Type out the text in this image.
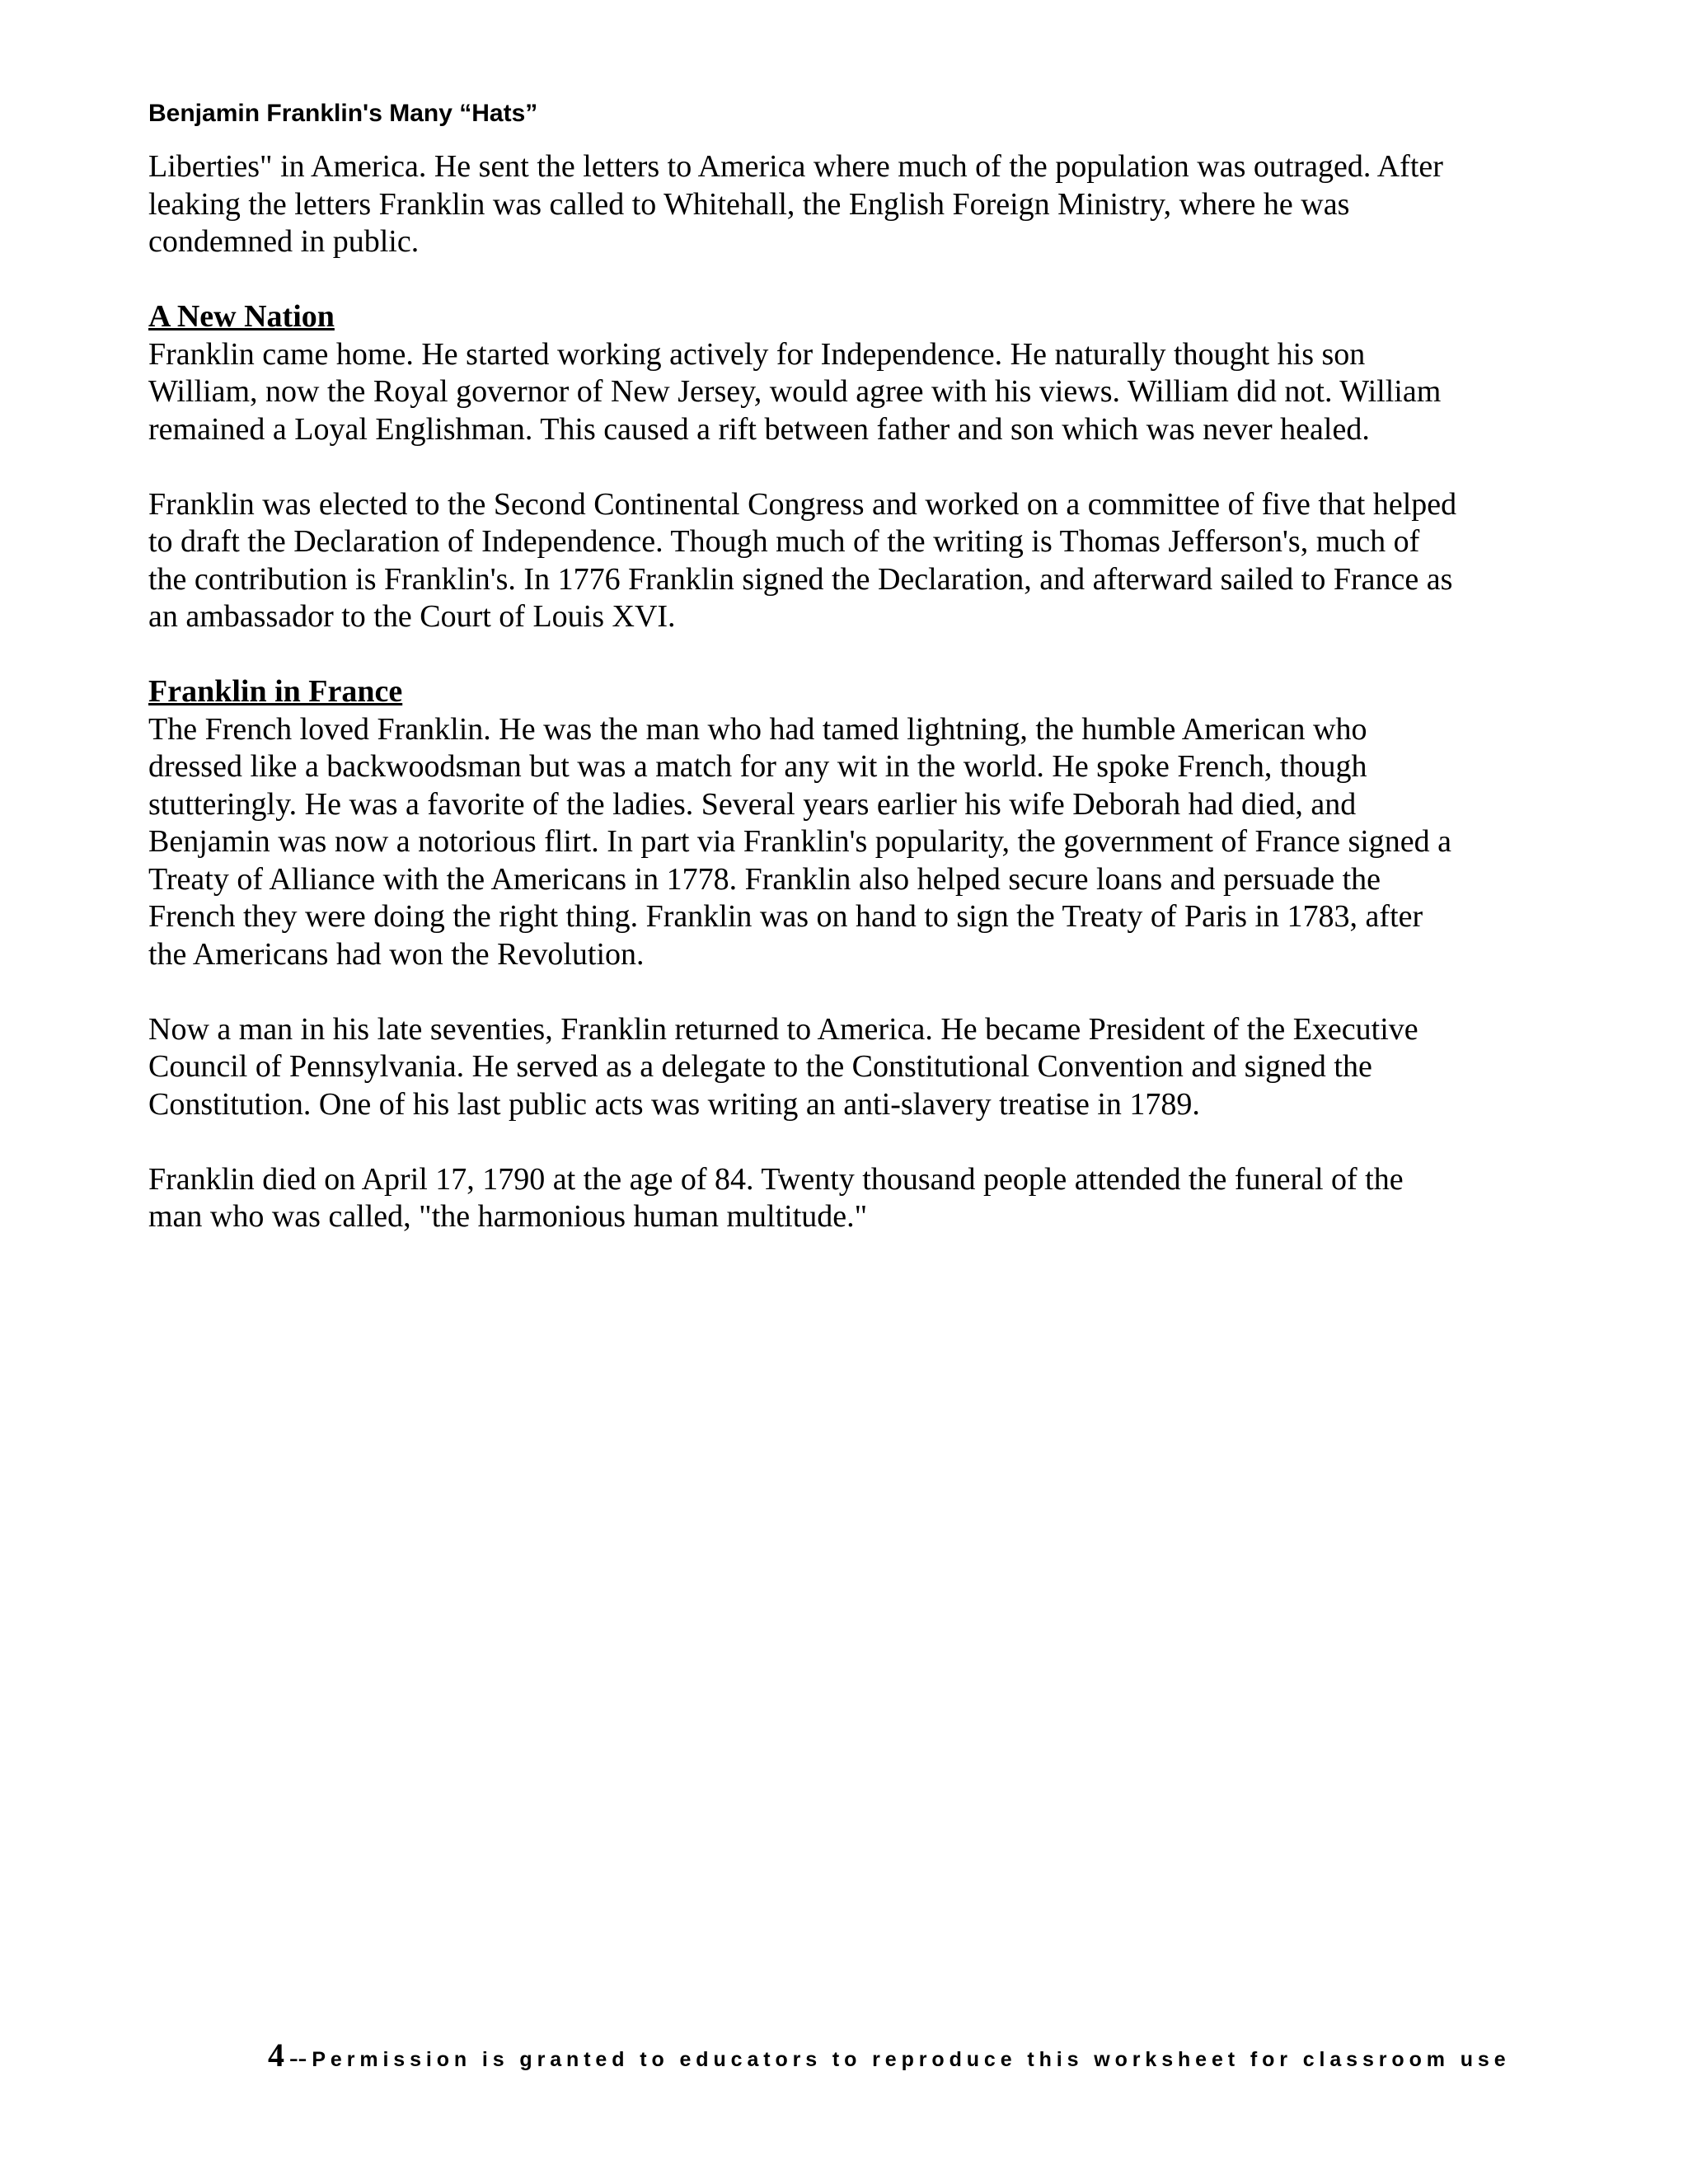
Benjamin Franklin's Many “Hats”

Liberties" in America. He sent the letters to America where much of the population was outraged. After
leaking the letters Franklin was called to Whitehall, the English Foreign Ministry, where he was
condemned in public.

A New Nation
Franklin came home. He started working actively for Independence. He naturally thought his son
William, now the Royal governor of New Jersey, would agree with his views. William did not. William
remained a Loyal Englishman. This caused a rift between father and son which was never healed.

Franklin was elected to the Second Continental Congress and worked on a committee of five that helped
to draft the Declaration of Independence. Though much of the writing is Thomas Jefferson's, much of
the contribution is Franklin's. In 1776 Franklin signed the Declaration, and afterward sailed to France as
an ambassador to the Court of Louis XVI.

Franklin in France
The French loved Franklin. He was the man who had tamed lightning, the humble American who
dressed like a backwoodsman but was a match for any wit in the world. He spoke French, though
stutteringly. He was a favorite of the ladies. Several years earlier his wife Deborah had died, and
Benjamin was now a notorious flirt. In part via Franklin's popularity, the government of France signed a
Treaty of Alliance with the Americans in 1778. Franklin also helped secure loans and persuade the
French they were doing the right thing. Franklin was on hand to sign the Treaty of Paris in 1783, after
the Americans had won the Revolution.

Now a man in his late seventies, Franklin returned to America. He became President of the Executive
Council of Pennsylvania. He served as a delegate to the Constitutional Convention and signed the
Constitution. One of his last public acts was writing an anti-slavery treatise in 1789.

Franklin died on April 17, 1790 at the age of 84. Twenty thousand people attended the funeral of the
man who was called, "the harmonious human multitude."

4 -- Permission is granted to educators to reproduce this worksheet for classroom use
